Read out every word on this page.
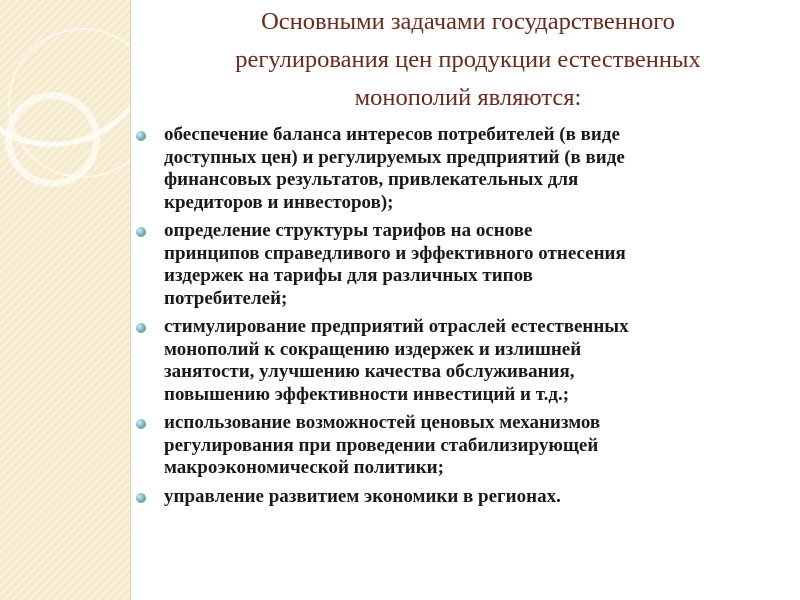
Основными задачами государственного
регулирования цен продукции естественных
монополий являются:
обеспечение баланса интересов потребителей (в виде
доступных цен) и регулируемых предприятий (в виде
финансовых результатов, привлекательных для
кредиторов и инвесторов);
определение структуры тарифов на основе
принципов справедливого и эффективного отнесения
издержек на тарифы для различных типов
потребителей;
стимулирование предприятий отраслей естественных
монополий к сокращению издержек и излишней
занятости, улучшению качества обслуживания,
повышению эффективности инвестиций и т.д.;
использование возможностей ценовых механизмов
регулирования при проведении стабилизирующей
макроэкономической политики;
управление развитием экономики в регионах.
